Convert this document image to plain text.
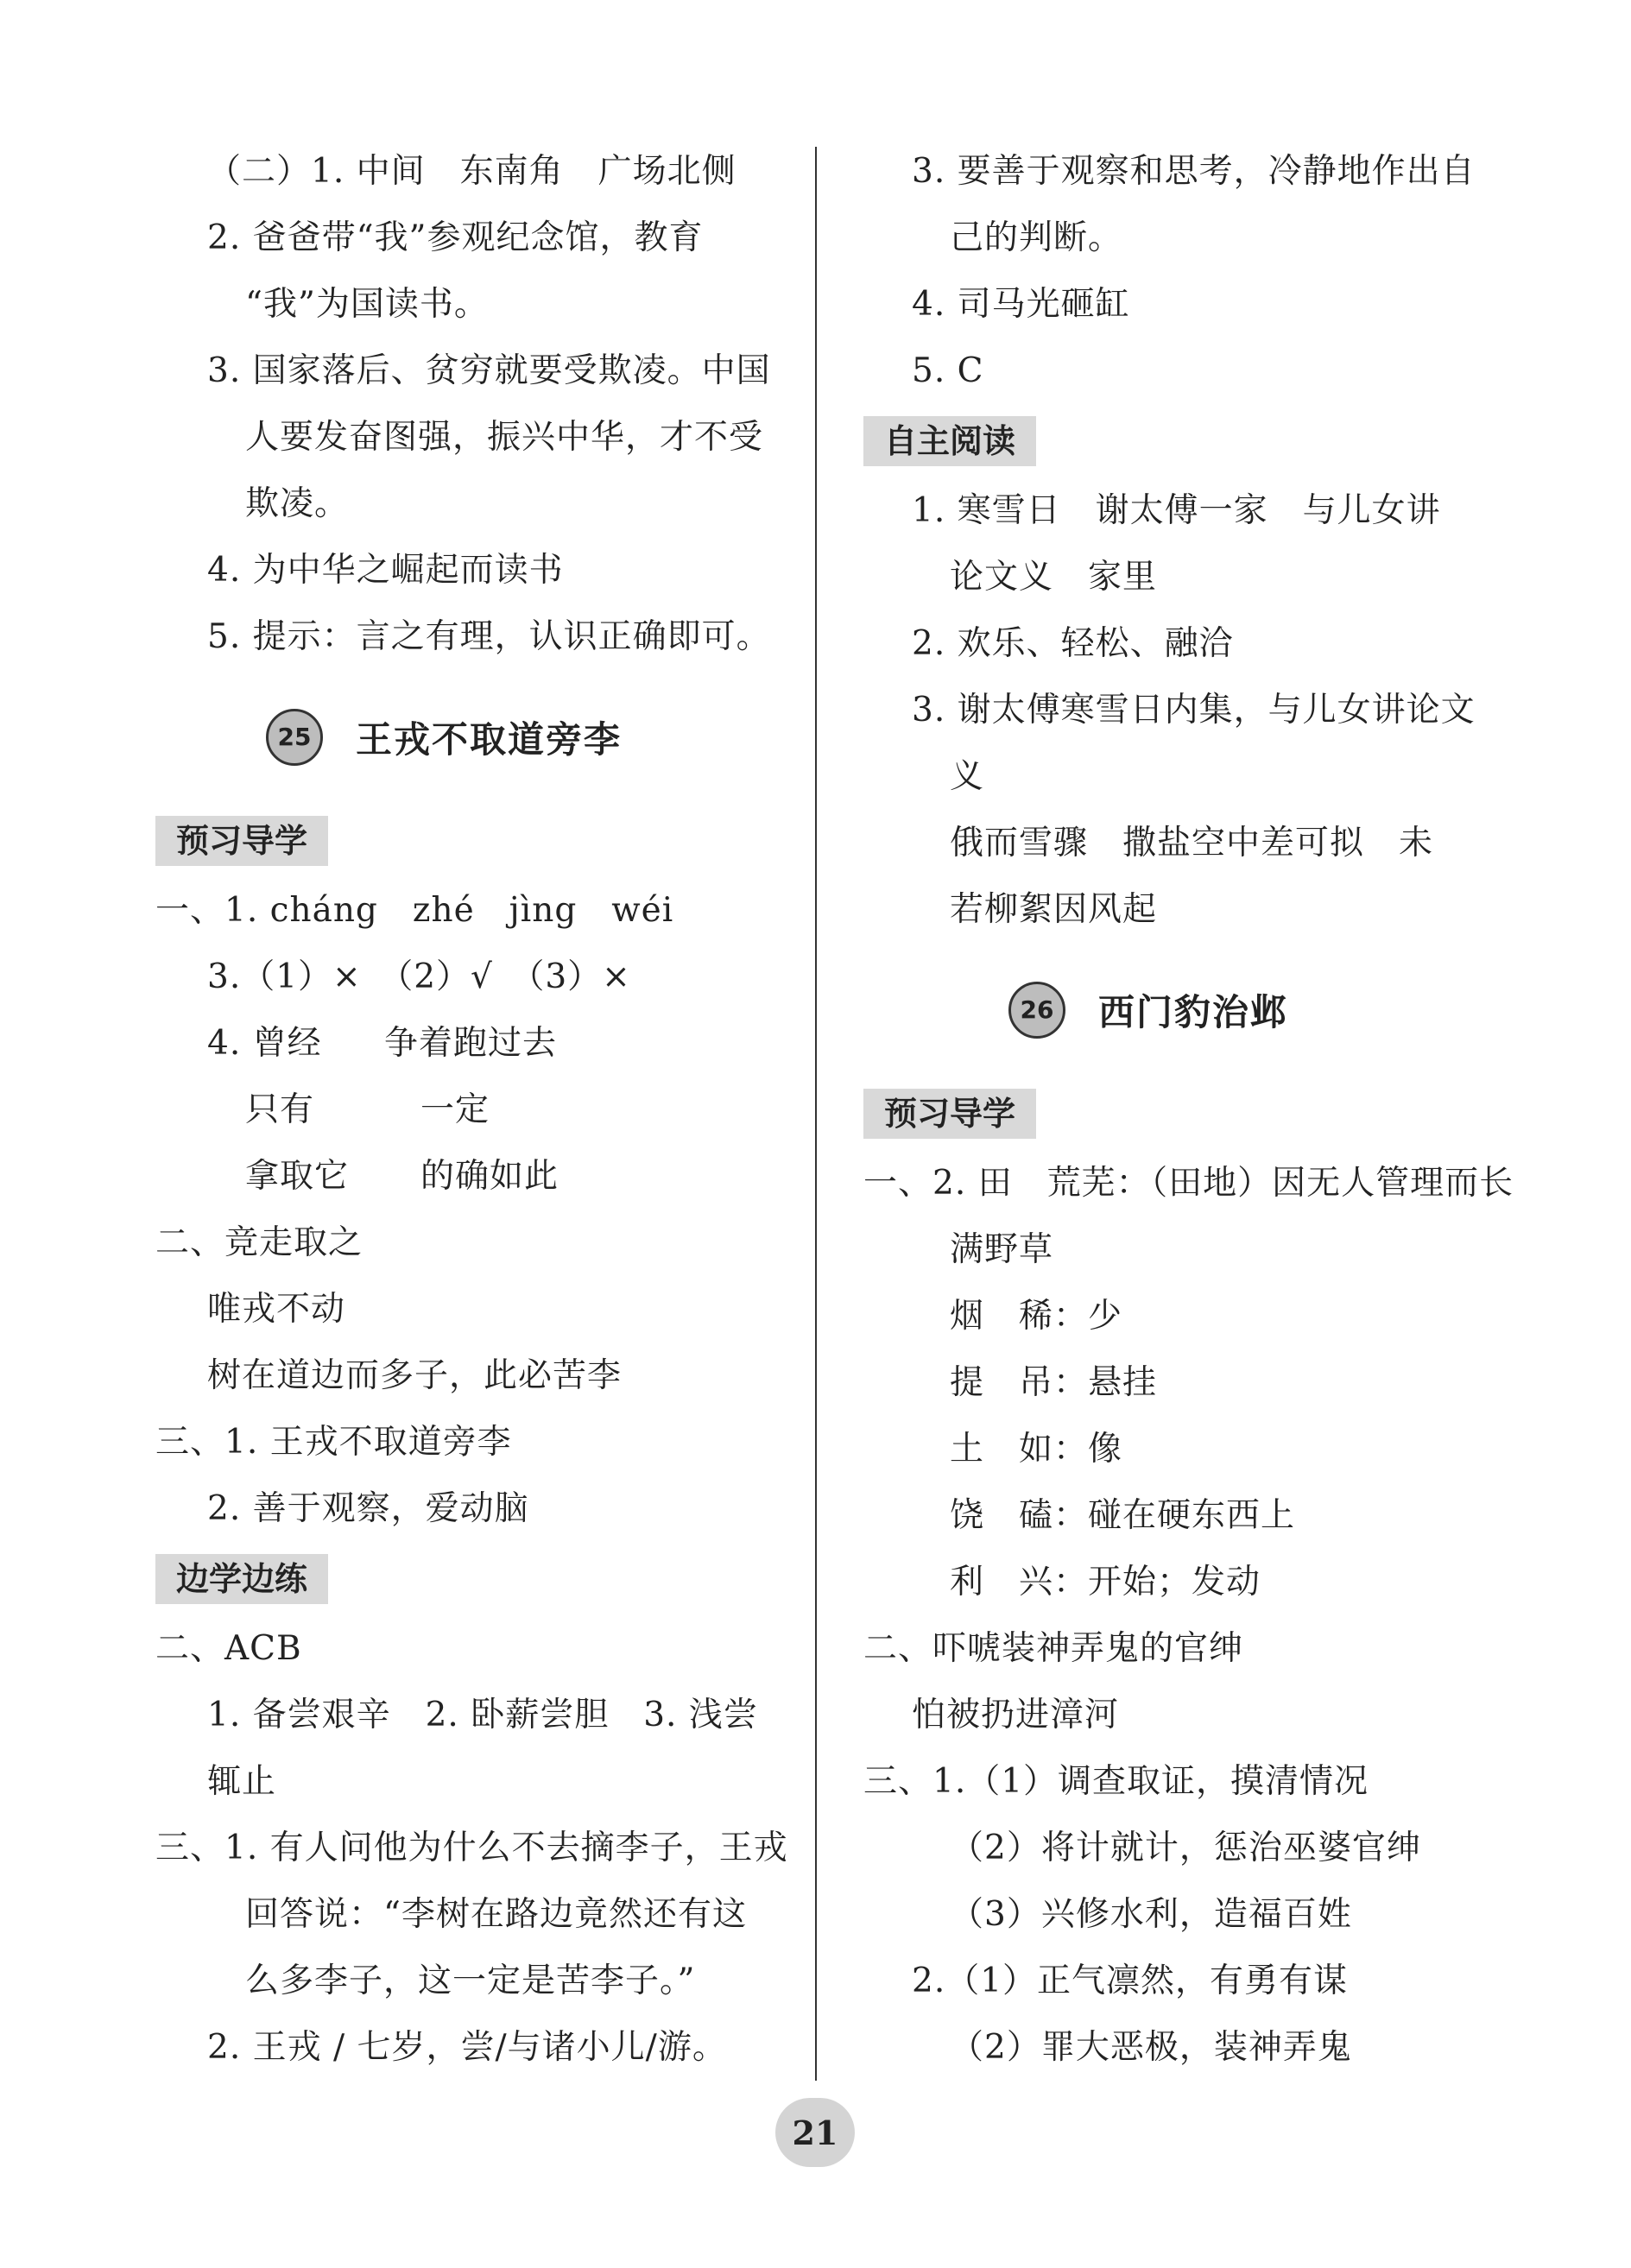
（二）1. 中间　东南角　广场北侧
2. 爸爸带“我”参观纪念馆，教育
“我”为国读书。
3. 国家落后、贫穷就要受欺凌。中国
人要发奋图强，振兴中华，才不受
欺凌。
4. 为中华之崛起而读书
5. 提示：言之有理，认识正确即可。
25	王戎不取道旁李
预习导学
一、1. cháng　zhé　jìng　wéi
3.（1）×　（2）√　（3）×
4. 曾经 争着跑过去
只有	一定
拿取它 的确如此
二、竞走取之
唯戎不动
树在道边而多子，此必苦李
三、1. 王戎不取道旁李
2. 善于观察，爱动脑
边学边练
二、ACB
1. 备尝艰辛　2. 卧薪尝胆　3. 浅尝
辄止
三、1. 有人问他为什么不去摘李子，王戎
回答说：“李树在路边竟然还有这
么多李子，这一定是苦李子。”
2. 王戎 / 七岁，尝/与诸小儿/游。
3. 要善于观察和思考，冷静地作出自
己的判断。
4. 司马光砸缸
5. C
自主阅读
1. 寒雪日　谢太傅一家　与儿女讲
论文义　家里
2. 欢乐、轻松、融洽
3. 谢太傅寒雪日内集，与儿女讲论文
义
俄而雪骤　撒盐空中差可拟　未
若柳絮因风起
26	西门豹治邺
预习导学
一、2. 田　荒芜：（田地）因无人管理而长
满野草
烟　稀：少
提　吊：悬挂
土　如：像
饶　磕：碰在硬东西上
利　兴：开始；发动
二、吓唬装神弄鬼的官绅
怕被扔进漳河
三、1.（1）调查取证，摸清情况
（2）将计就计，惩治巫婆官绅
（3）兴修水利，造福百姓
2.（1）正气凛然，有勇有谋
（2）罪大恶极，装神弄鬼
21
